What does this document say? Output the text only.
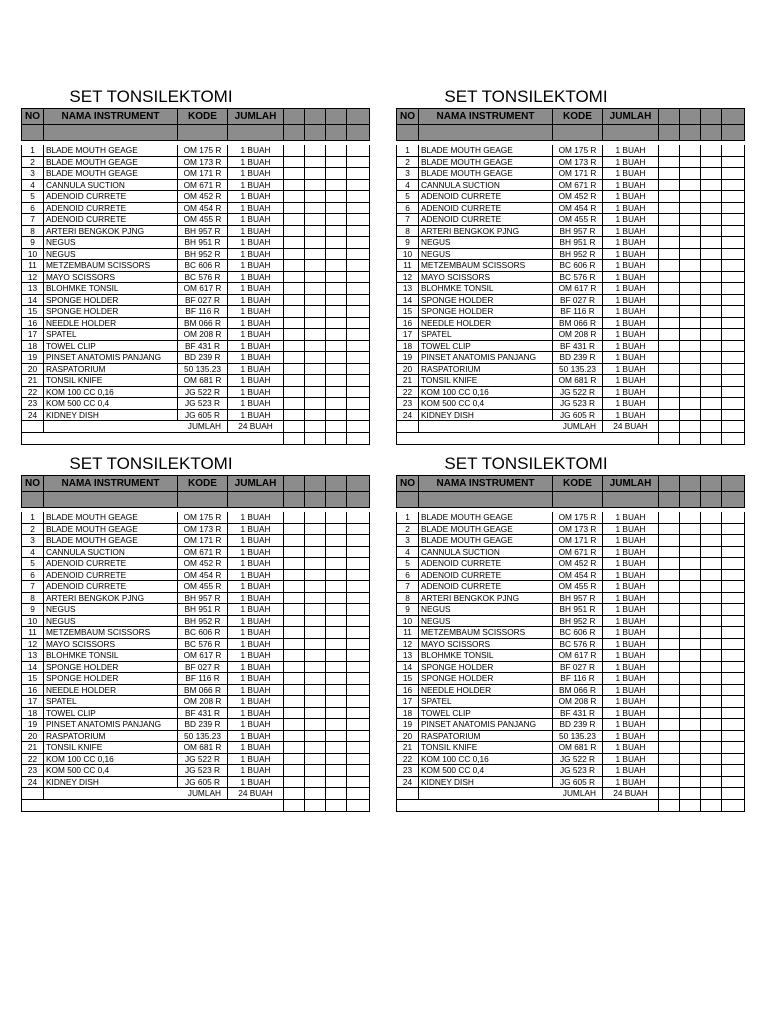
SET TONSILEKTOMI
NO	NAMA INSTRUMENT	KODE	JUMLAH				

1	BLADE MOUTH GEAGE	OM 175 R	1 BUAH				
2	BLADE MOUTH GEAGE	OM 173 R	1 BUAH				
3	BLADE MOUTH GEAGE	OM 171 R	1 BUAH				
4	CANNULA SUCTION	OM 671 R	1 BUAH				
5	ADENOID CURRETE	OM 452 R	1 BUAH				
6	ADENOID CURRETE	OM 454 R	1 BUAH				
7	ADENOID CURRETE	OM 455 R	1 BUAH				
8	ARTERI BENGKOK PJNG	BH 957 R	1 BUAH				
9	NEGUS	BH 951 R	1 BUAH				
10	NEGUS	BH 952 R	1 BUAH				
11	METZEMBAUM SCISSORS	BC 606 R	1 BUAH				
12	MAYO SCISSORS	BC 576 R	1 BUAH				
13	BLOHMKE TONSIL	OM 617 R	1 BUAH				
14	SPONGE HOLDER	BF 027 R	1 BUAH				
15	SPONGE HOLDER	BF 116 R	1 BUAH				
16	NEEDLE HOLDER	BM 066 R	1 BUAH				
17	SPATEL	OM 208 R	1 BUAH				
18	TOWEL CLIP	BF 431 R	1 BUAH				
19	PINSET ANATOMIS PANJANG	BD 239 R	1 BUAH				
20	RASPATORIUM	50 135.23	1 BUAH				
21	TONSIL KNIFE	OM 681 R	1 BUAH				
22	KOM 100 CC 0,16	JG 522 R	1 BUAH				
23	KOM 500 CC 0,4	JG 523 R	1 BUAH				
24	KIDNEY DISH	JG 605 R	1 BUAH				
	JUMLAH		24 BUAH				

SET TONSILEKTOMI
NO	NAMA INSTRUMENT	KODE	JUMLAH				

1	BLADE MOUTH GEAGE	OM 175 R	1 BUAH				
2	BLADE MOUTH GEAGE	OM 173 R	1 BUAH				
3	BLADE MOUTH GEAGE	OM 171 R	1 BUAH				
4	CANNULA SUCTION	OM 671 R	1 BUAH				
5	ADENOID CURRETE	OM 452 R	1 BUAH				
6	ADENOID CURRETE	OM 454 R	1 BUAH				
7	ADENOID CURRETE	OM 455 R	1 BUAH				
8	ARTERI BENGKOK PJNG	BH 957 R	1 BUAH				
9	NEGUS	BH 951 R	1 BUAH				
10	NEGUS	BH 952 R	1 BUAH				
11	METZEMBAUM SCISSORS	BC 606 R	1 BUAH				
12	MAYO SCISSORS	BC 576 R	1 BUAH				
13	BLOHMKE TONSIL	OM 617 R	1 BUAH				
14	SPONGE HOLDER	BF 027 R	1 BUAH				
15	SPONGE HOLDER	BF 116 R	1 BUAH				
16	NEEDLE HOLDER	BM 066 R	1 BUAH				
17	SPATEL	OM 208 R	1 BUAH				
18	TOWEL CLIP	BF 431 R	1 BUAH				
19	PINSET ANATOMIS PANJANG	BD 239 R	1 BUAH				
20	RASPATORIUM	50 135.23	1 BUAH				
21	TONSIL KNIFE	OM 681 R	1 BUAH				
22	KOM 100 CC 0,16	JG 522 R	1 BUAH				
23	KOM 500 CC 0,4	JG 523 R	1 BUAH				
24	KIDNEY DISH	JG 605 R	1 BUAH				
	JUMLAH		24 BUAH				

SET TONSILEKTOMI
NO	NAMA INSTRUMENT	KODE	JUMLAH				

1	BLADE MOUTH GEAGE	OM 175 R	1 BUAH				
2	BLADE MOUTH GEAGE	OM 173 R	1 BUAH				
3	BLADE MOUTH GEAGE	OM 171 R	1 BUAH				
4	CANNULA SUCTION	OM 671 R	1 BUAH				
5	ADENOID CURRETE	OM 452 R	1 BUAH				
6	ADENOID CURRETE	OM 454 R	1 BUAH				
7	ADENOID CURRETE	OM 455 R	1 BUAH				
8	ARTERI BENGKOK PJNG	BH 957 R	1 BUAH				
9	NEGUS	BH 951 R	1 BUAH				
10	NEGUS	BH 952 R	1 BUAH				
11	METZEMBAUM SCISSORS	BC 606 R	1 BUAH				
12	MAYO SCISSORS	BC 576 R	1 BUAH				
13	BLOHMKE TONSIL	OM 617 R	1 BUAH				
14	SPONGE HOLDER	BF 027 R	1 BUAH				
15	SPONGE HOLDER	BF 116 R	1 BUAH				
16	NEEDLE HOLDER	BM 066 R	1 BUAH				
17	SPATEL	OM 208 R	1 BUAH				
18	TOWEL CLIP	BF 431 R	1 BUAH				
19	PINSET ANATOMIS PANJANG	BD 239 R	1 BUAH				
20	RASPATORIUM	50 135.23	1 BUAH				
21	TONSIL KNIFE	OM 681 R	1 BUAH				
22	KOM 100 CC 0,16	JG 522 R	1 BUAH				
23	KOM 500 CC 0,4	JG 523 R	1 BUAH				
24	KIDNEY DISH	JG 605 R	1 BUAH				
	JUMLAH		24 BUAH				

SET TONSILEKTOMI
NO	NAMA INSTRUMENT	KODE	JUMLAH				

1	BLADE MOUTH GEAGE	OM 175 R	1 BUAH				
2	BLADE MOUTH GEAGE	OM 173 R	1 BUAH				
3	BLADE MOUTH GEAGE	OM 171 R	1 BUAH				
4	CANNULA SUCTION	OM 671 R	1 BUAH				
5	ADENOID CURRETE	OM 452 R	1 BUAH				
6	ADENOID CURRETE	OM 454 R	1 BUAH				
7	ADENOID CURRETE	OM 455 R	1 BUAH				
8	ARTERI BENGKOK PJNG	BH 957 R	1 BUAH				
9	NEGUS	BH 951 R	1 BUAH				
10	NEGUS	BH 952 R	1 BUAH				
11	METZEMBAUM SCISSORS	BC 606 R	1 BUAH				
12	MAYO SCISSORS	BC 576 R	1 BUAH				
13	BLOHMKE TONSIL	OM 617 R	1 BUAH				
14	SPONGE HOLDER	BF 027 R	1 BUAH				
15	SPONGE HOLDER	BF 116 R	1 BUAH				
16	NEEDLE HOLDER	BM 066 R	1 BUAH				
17	SPATEL	OM 208 R	1 BUAH				
18	TOWEL CLIP	BF 431 R	1 BUAH				
19	PINSET ANATOMIS PANJANG	BD 239 R	1 BUAH				
20	RASPATORIUM	50 135.23	1 BUAH				
21	TONSIL KNIFE	OM 681 R	1 BUAH				
22	KOM 100 CC 0,16	JG 522 R	1 BUAH				
23	KOM 500 CC 0,4	JG 523 R	1 BUAH				
24	KIDNEY DISH	JG 605 R	1 BUAH				
	JUMLAH		24 BUAH				
